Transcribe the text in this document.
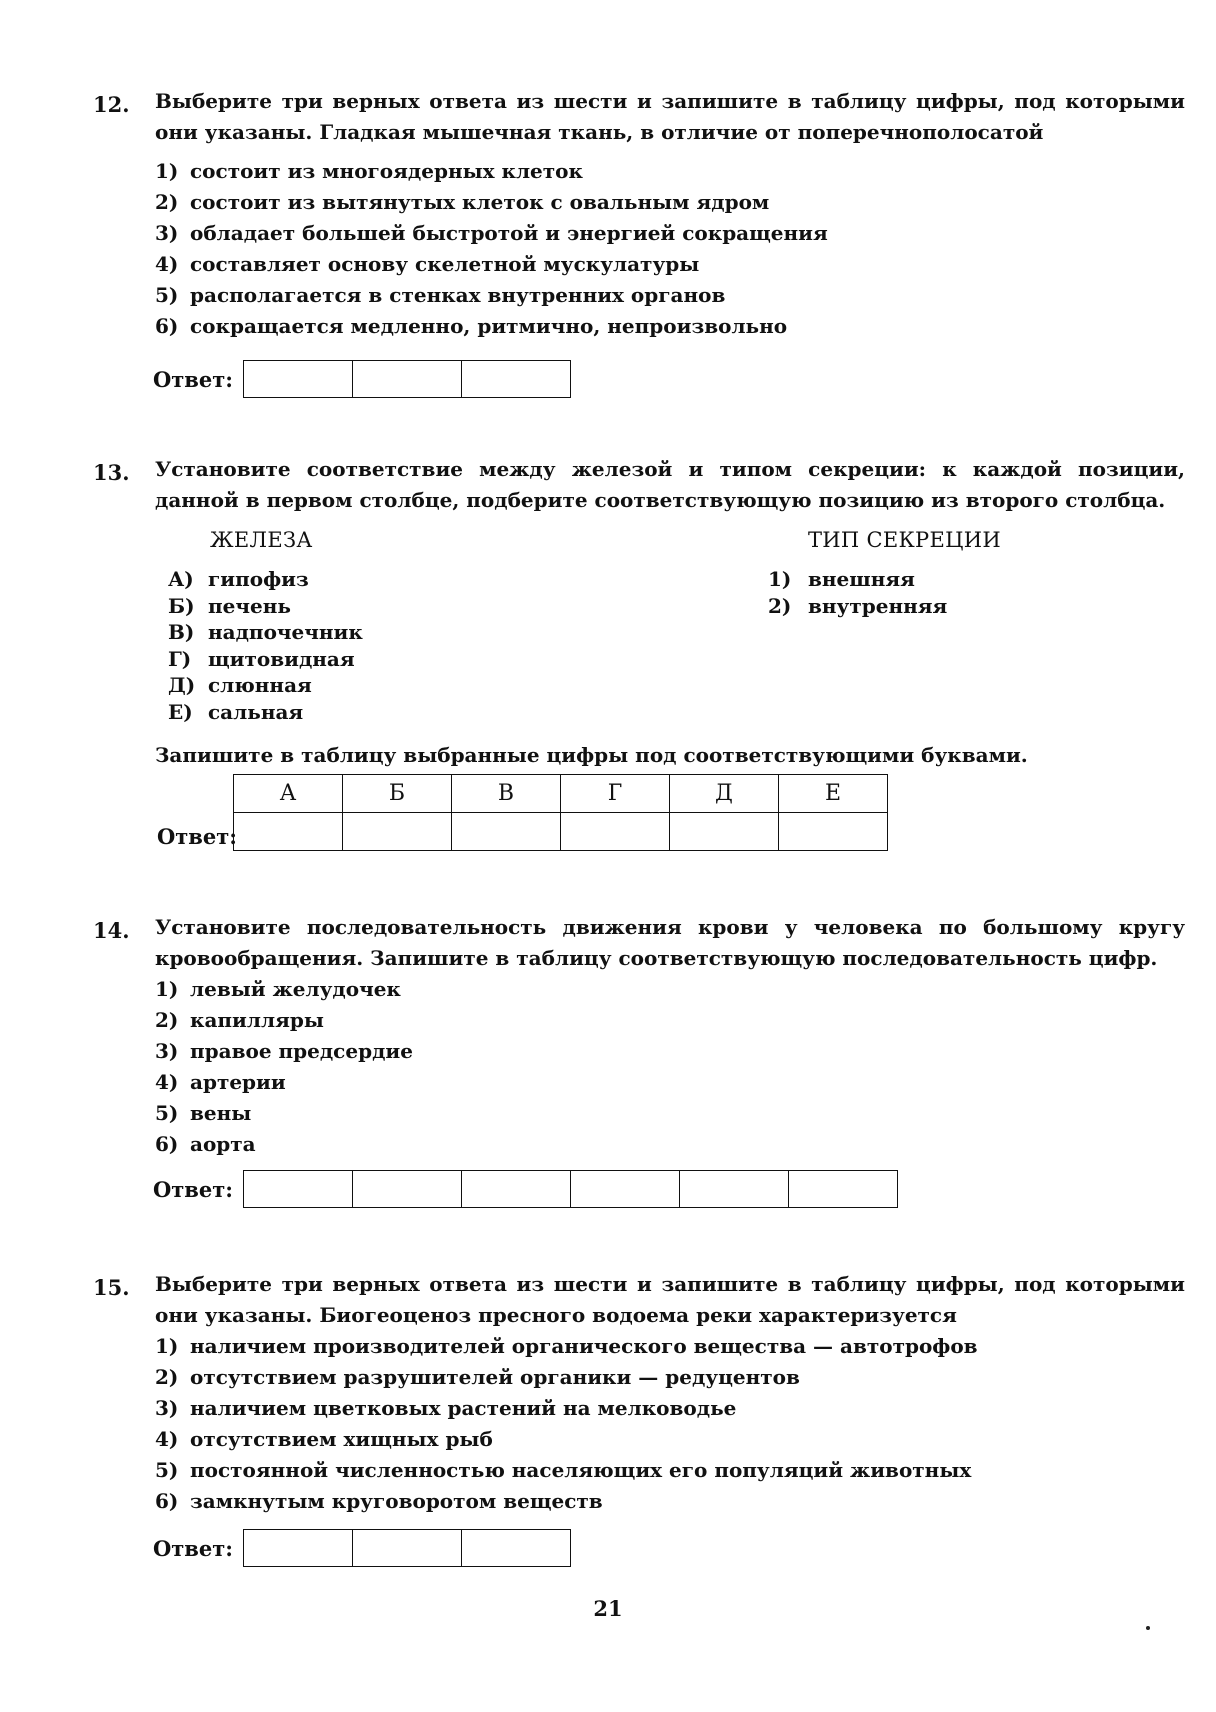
12. Выберите три верных ответа из шести и запишите в таблицу цифры, под которыми они указаны. Гладкая мышечная ткань, в отличие от поперечнополосатой
1) состоит из многоядерных клеток
2) состоит из вытянутых клеток с овальным ядром
3) обладает большей быстротой и энергией сокращения
4) составляет основу скелетной мускулатуры
5) располагается в стенках внутренних органов
6) сокращается медленно, ритмично, непроизвольно
Ответ:
13. Установите соответствие между железой и типом секреции: к каждой позиции, данной в первом столбце, подберите соответствующую позицию из второго столбца.
ЖЕЛЕЗА	ТИП СЕКРЕЦИИ
А) гипофиз
Б) печень
В) надпочечник
Г) щитовидная
Д) слюнная
Е) сальная
1) внешняя
2) внутренняя
Запишите в таблицу выбранные цифры под соответствующими буквами.
А	Б	В	Г	Д	Е

Ответ:
14. Установите последовательность движения крови у человека по большому кругу кровообращения. Запишите в таблицу соответствующую последовательность цифр.
1) левый желудочек
2) капилляры
3) правое предсердие
4) артерии
5) вены
6) аорта
Ответ:
15. Выберите три верных ответа из шести и запишите в таблицу цифры, под которыми они указаны. Биогеоценоз пресного водоема реки характеризуется
1) наличием производителей органического вещества — автотрофов
2) отсутствием разрушителей органики — редуцентов
3) наличием цветковых растений на мелководье
4) отсутствием хищных рыб
5) постоянной численностью населяющих его популяций животных
6) замкнутым круговоротом веществ
Ответ:
21
